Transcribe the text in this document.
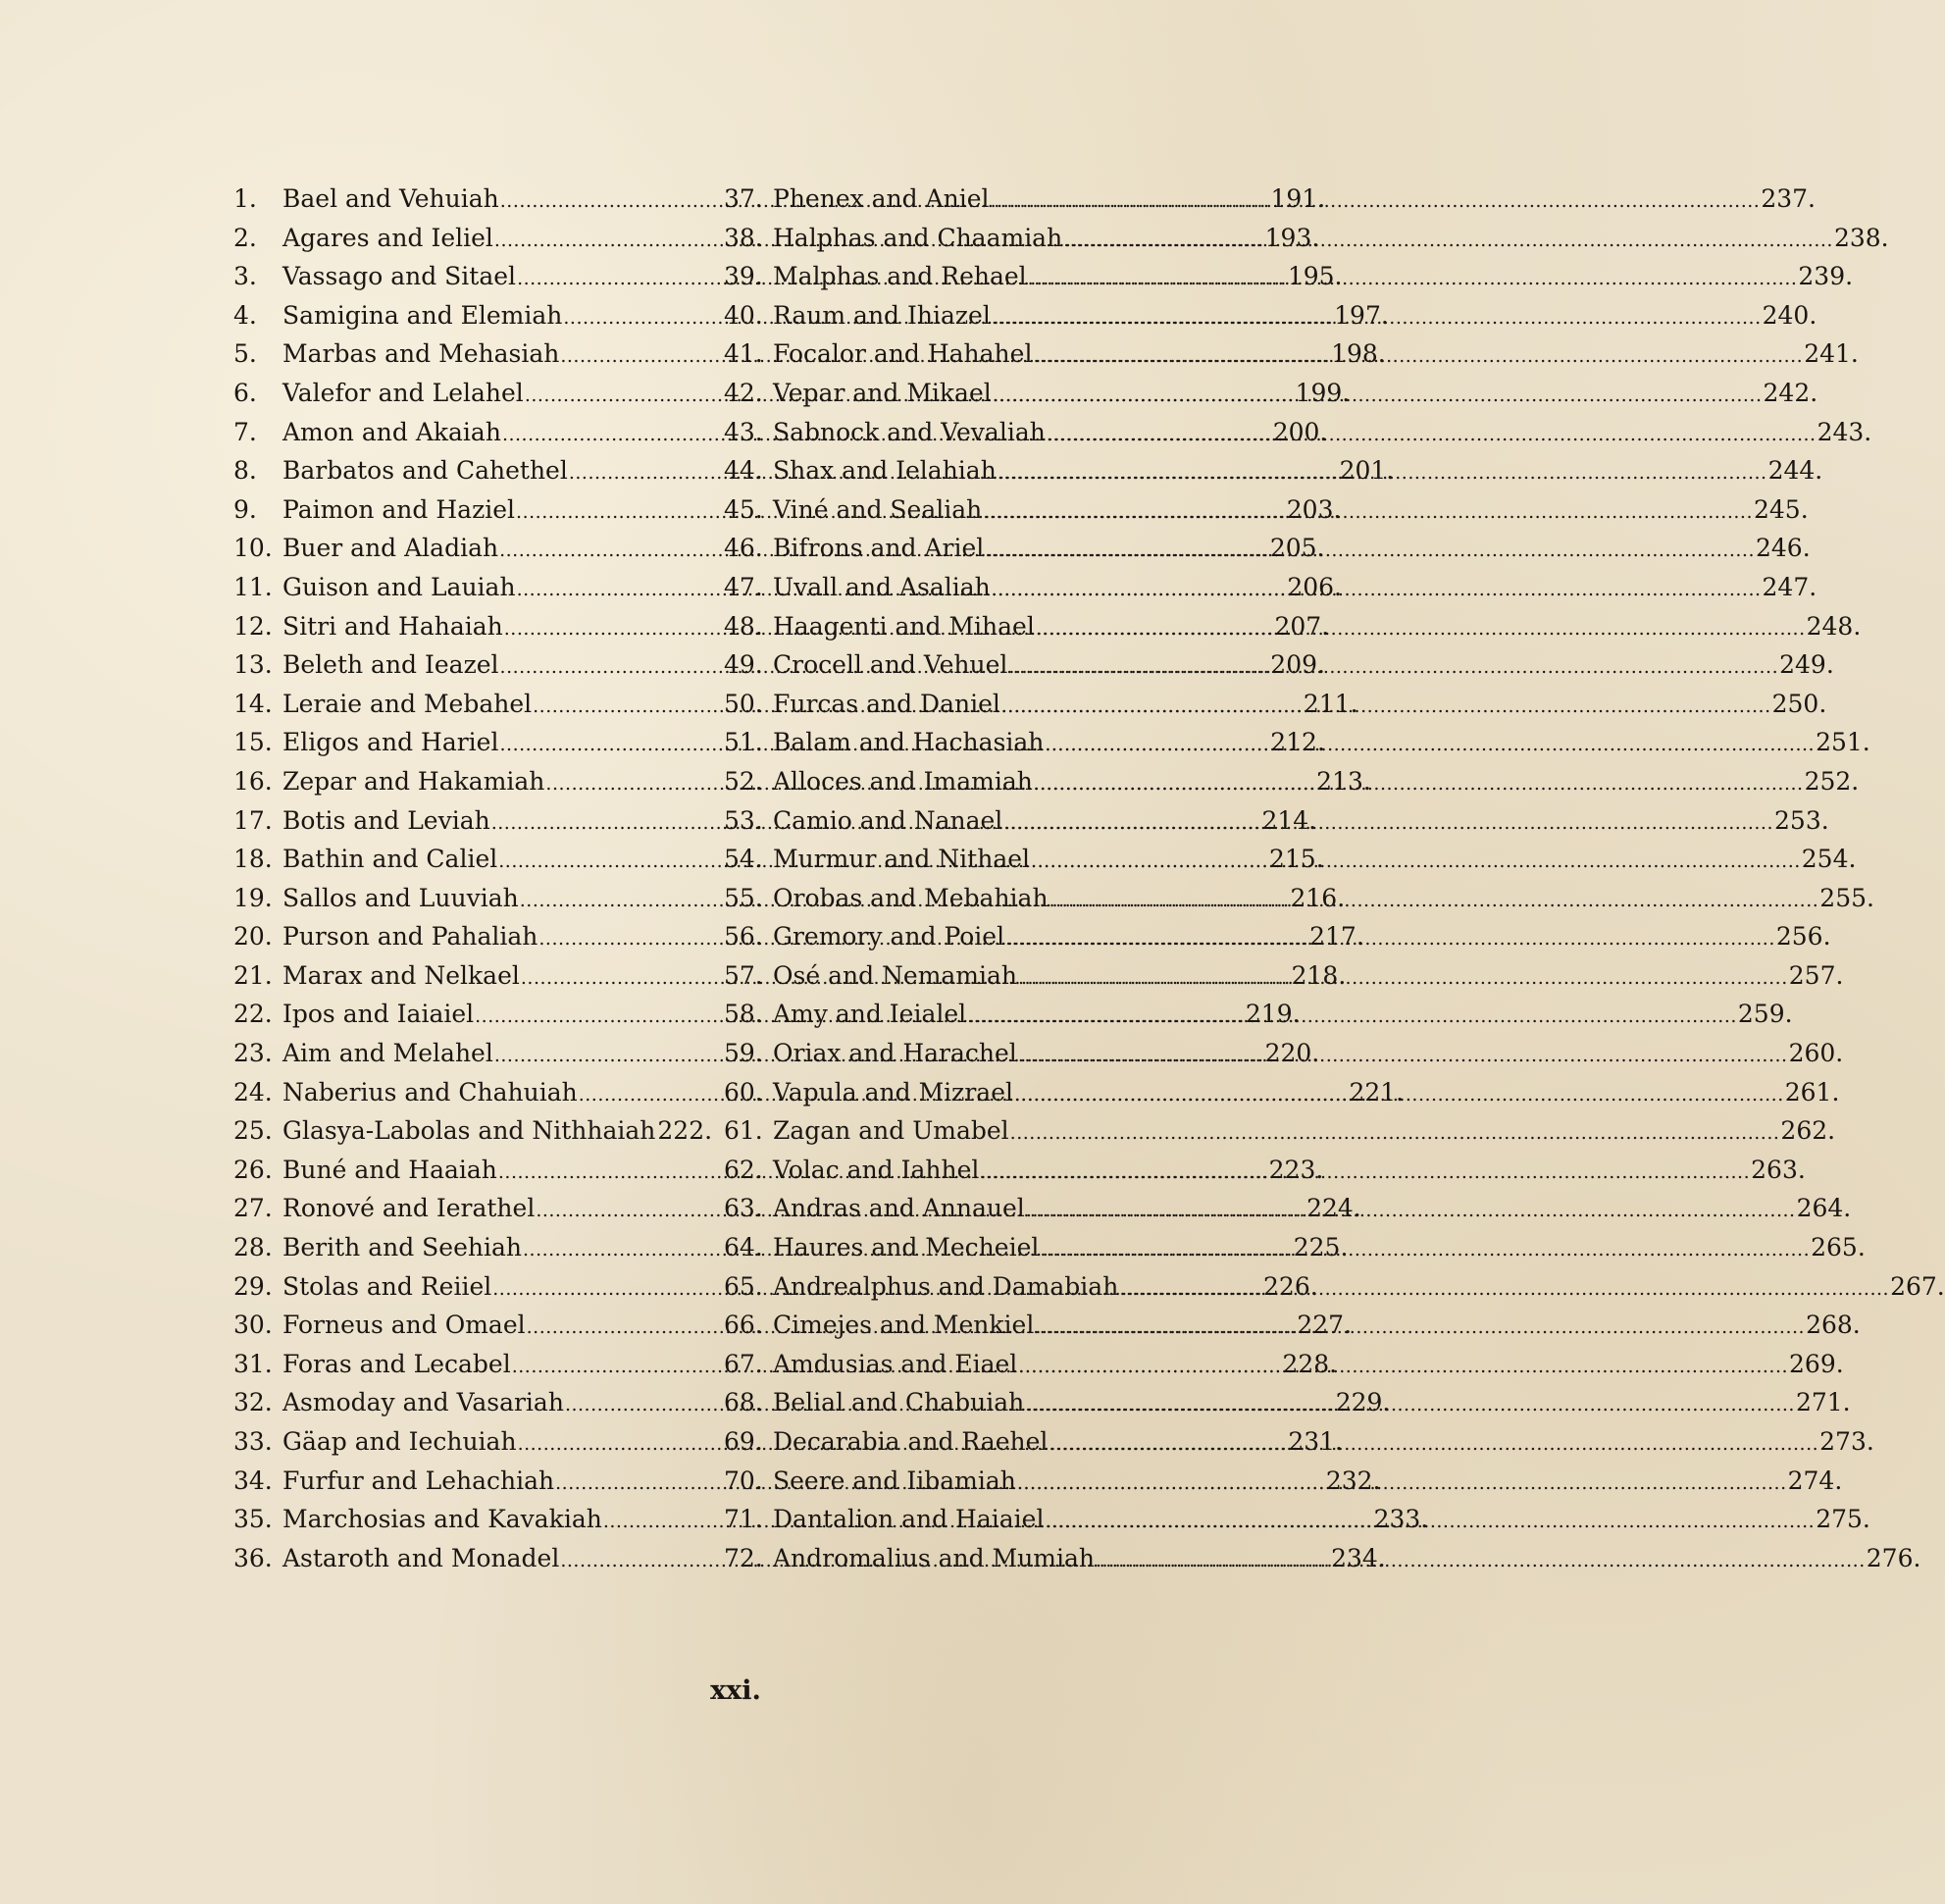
1.	Bael and Vehuiah .....	191.
2.	Agares and Ieliel .....	193.
3.	Vassago and Sitael .....	195.
4.	Samigina and Elemiah .....	197.
5.	Marbas and Mehasiah .....	198.
6.	Valefor and Lelahel .....	199.
7.	Amon and Akaiah .....	200.
8.	Barbatos and Cahethel .....	201.
9.	Paimon and Haziel .....	203.
10. Buer and Aladiah .....	205.
11. Guison and Lauiah .....	206.
12. Sitri and Hahaiah .....	207.
13. Beleth and Ieazel .....	209.
14. Leraie and Mebahel .....	211.
15. Eligos and Hariel .....	212.
16. Zepar and Hakamiah .....	213.
17. Botis and Leviah .....	214.
18. Bathin and Caliel .....	215.
19. Sallos and Luuviah .....	216.
20. Purson and Pahaliah .....	217.
21. Marax and Nelkael .....	218.
22. Ipos and Iaiaiel .....	219.
23. Aim and Melahel .....	220.
24. Naberius and Chahuiah .....	221.
25. Glasya-Labolas and Nithhaiah 222.
26. Buné and Haaiah .....	223.
27. Ronové and Ierathel .....	224.
28. Berith and Seehiah .....	225.
29. Stolas and Reiiel .....	226.
30. Forneus and Omael .....	227.
31. Foras and Lecabel .....	228.
32. Asmoday and Vasariah .....	229.
33. Gäap and Iechuiah .....	231.
34. Furfur and Lehachiah .....	232.
35. Marchosias and Kavakiah .....	233.
36. Astaroth and Monadel .....	234.
37. Phenex and Aniel .....	237.
38. Halphas and Chaamiah .....	238.
39. Malphas and Rehael .....	239.
40. Raum and Ihiazel .....	240.
41. Focalor and Hahahel .....	241.
42. Vepar and Mikael .....	242.
43. Sabnock and Vevaliah .....	243.
44. Shax and Ielahiah .....	244.
45. Viné and Sealiah .....	245.
46. Bifrons and Ariel .....	246.
47. Uvall and Asaliah .....	247.
48. Haagenti and Mihael .....	248.
49. Crocell and Vehuel .....	249.
50. Furcas and Daniel .....	250.
51. Balam and Hachasiah .....	251.
52. Alloces and Imamiah .....	252.
53. Camio and Nanael .....	253.
54. Murmur and Nithael .....	254.
55. Orobas and Mebahiah .....	255.
56. Gremory and Poiel .....	256.
57. Osé and Nemamiah .....	257.
58. Amy and Ieialel .....	259.
59. Oriax and Harachel .....	260.
60. Vapula and Mizrael .....	261.
61. Zagan and Umabel .....	262.
62. Volac and Iahhel .....	263.
63. Andras and Annauel .....	264.
64. Haures and Mecheiel .....	265.
65. Andrealphus and Damabiah .....	267.
66. Cimejes and Menkiel .....	268.
67. Amdusias and Eiael .....	269.
68. Belial and Chabuiah .....	271.
69. Decarabia and Raehel .....	273.
70. Seere and Iibamiah .....	274.
71. Dantalion and Haiaiel .....	275.
72. Andromalius and Mumiah .....	276.
xxi.
